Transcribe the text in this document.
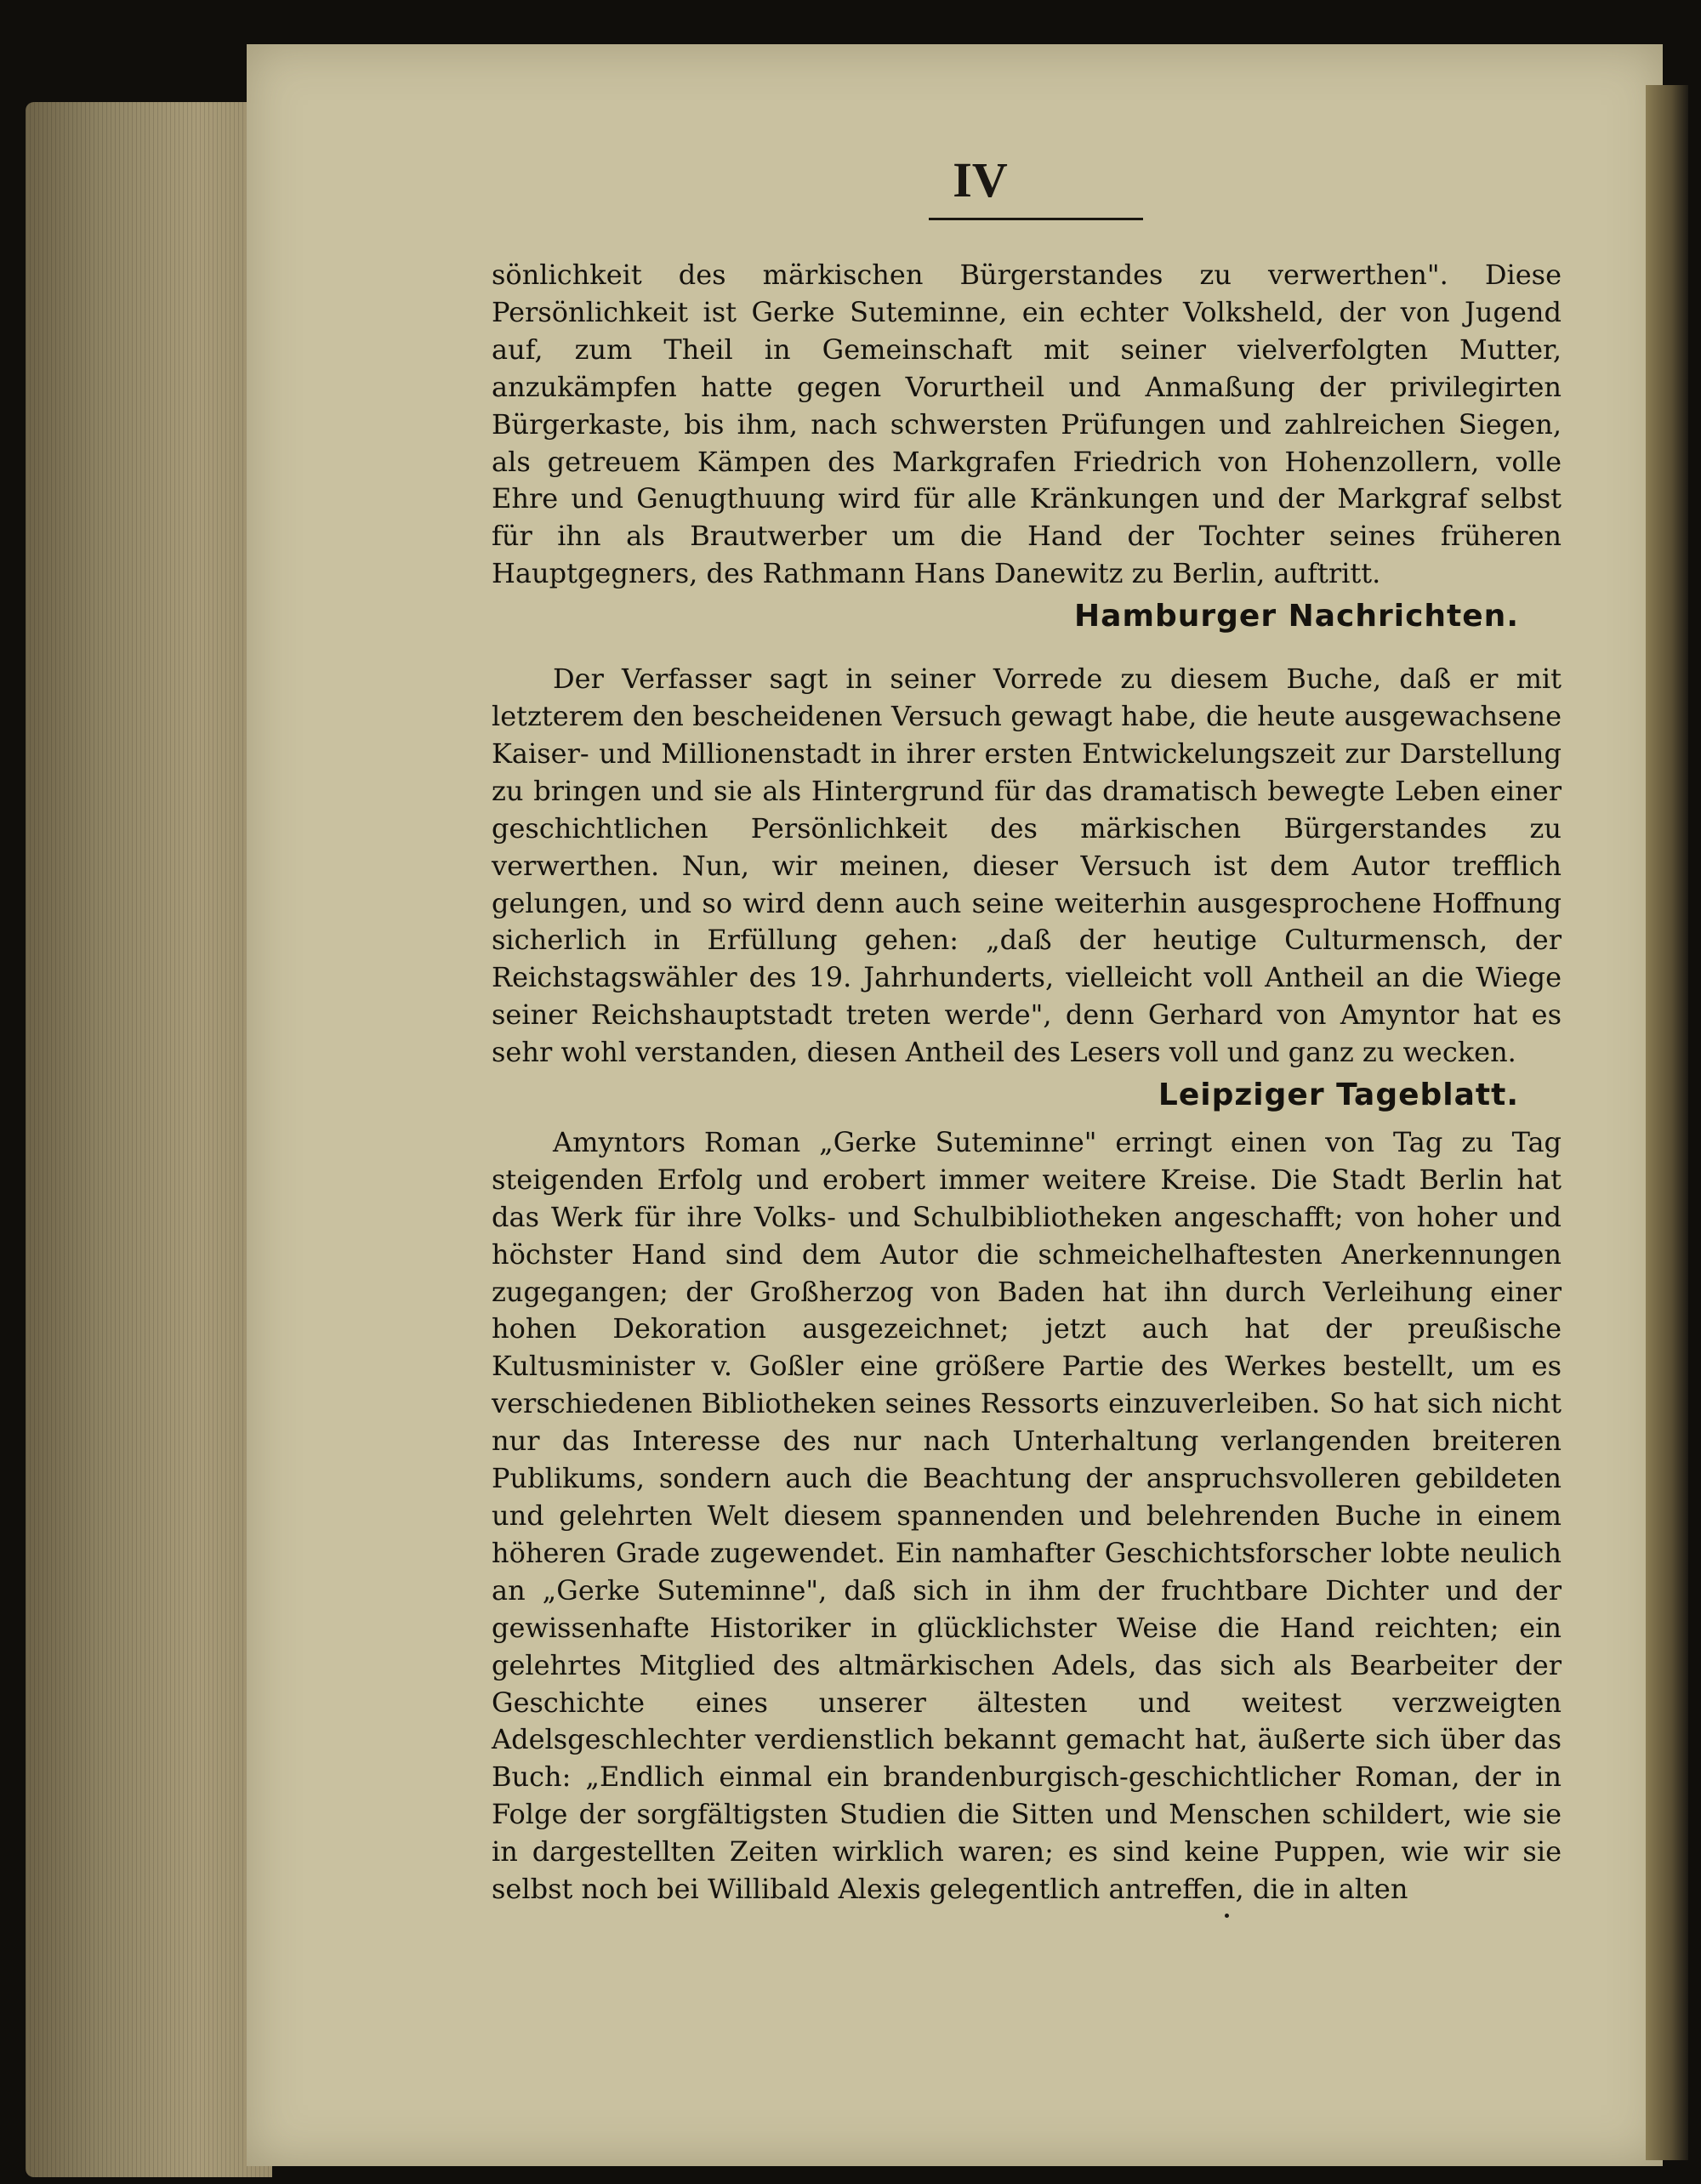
IV

sönlichkeit des märkischen Bürgerstandes zu verwerthen". Diese Persönlichkeit ist Gerke Suteminne, ein echter Volksheld, der von Jugend auf, zum Theil in Gemeinschaft mit seiner vielverfolgten Mutter, anzukämpfen hatte gegen Vorurtheil und Anmaßung der privilegirten Bürgerkaste, bis ihm, nach schwersten Prüfungen und zahlreichen Siegen, als getreuem Kämpen des Markgrafen Friedrich von Hohenzollern, volle Ehre und Genugthuung wird für alle Kränkungen und der Markgraf selbst für ihn als Brautwerber um die Hand der Tochter seines früheren Hauptgegners, des Rathmann Hans Danewitz zu Berlin, auftritt.

Hamburger Nachrichten.

Der Verfasser sagt in seiner Vorrede zu diesem Buche, daß er mit letzterem den bescheidenen Versuch gewagt habe, die heute ausgewachsene Kaiser- und Millionenstadt in ihrer ersten Entwickelungszeit zur Darstellung zu bringen und sie als Hintergrund für das dramatisch bewegte Leben einer geschichtlichen Persönlichkeit des märkischen Bürgerstandes zu verwerthen. Nun, wir meinen, dieser Versuch ist dem Autor trefflich gelungen, und so wird denn auch seine weiterhin ausgesprochene Hoffnung sicherlich in Erfüllung gehen: „daß der heutige Culturmensch, der Reichstagswähler des 19. Jahrhunderts, vielleicht voll Antheil an die Wiege seiner Reichshauptstadt treten werde", denn Gerhard von Amyntor hat es sehr wohl verstanden, diesen Antheil des Lesers voll und ganz zu wecken.

Leipziger Tageblatt.

Amyntors Roman „Gerke Suteminne" erringt einen von Tag zu Tag steigenden Erfolg und erobert immer weitere Kreise. Die Stadt Berlin hat das Werk für ihre Volks- und Schulbibliotheken angeschafft; von hoher und höchster Hand sind dem Autor die schmeichelhaftesten Anerkennungen zugegangen; der Großherzog von Baden hat ihn durch Verleihung einer hohen Dekoration ausgezeichnet; jetzt auch hat der preußische Kultusminister v. Goßler eine größere Partie des Werkes bestellt, um es verschiedenen Bibliotheken seines Ressorts einzuverleiben. So hat sich nicht nur das Interesse des nur nach Unterhaltung verlangenden breiteren Publikums, sondern auch die Beachtung der anspruchsvolleren gebildeten und gelehrten Welt diesem spannenden und belehrenden Buche in einem höheren Grade zugewendet. Ein namhafter Geschichtsforscher lobte neulich an „Gerke Suteminne", daß sich in ihm der fruchtbare Dichter und der gewissenhafte Historiker in glücklichster Weise die Hand reichten; ein gelehrtes Mitglied des altmärkischen Adels, das sich als Bearbeiter der Geschichte eines unserer ältesten und weitest verzweigten Adelsgeschlechter verdienstlich bekannt gemacht hat, äußerte sich über das Buch: „Endlich einmal ein brandenburgisch-geschichtlicher Roman, der in Folge der sorgfältigsten Studien die Sitten und Menschen schildert, wie sie in dargestellten Zeiten wirklich waren; es sind keine Puppen, wie wir sie selbst noch bei Willibald Alexis gelegentlich antreffen, die in alten
